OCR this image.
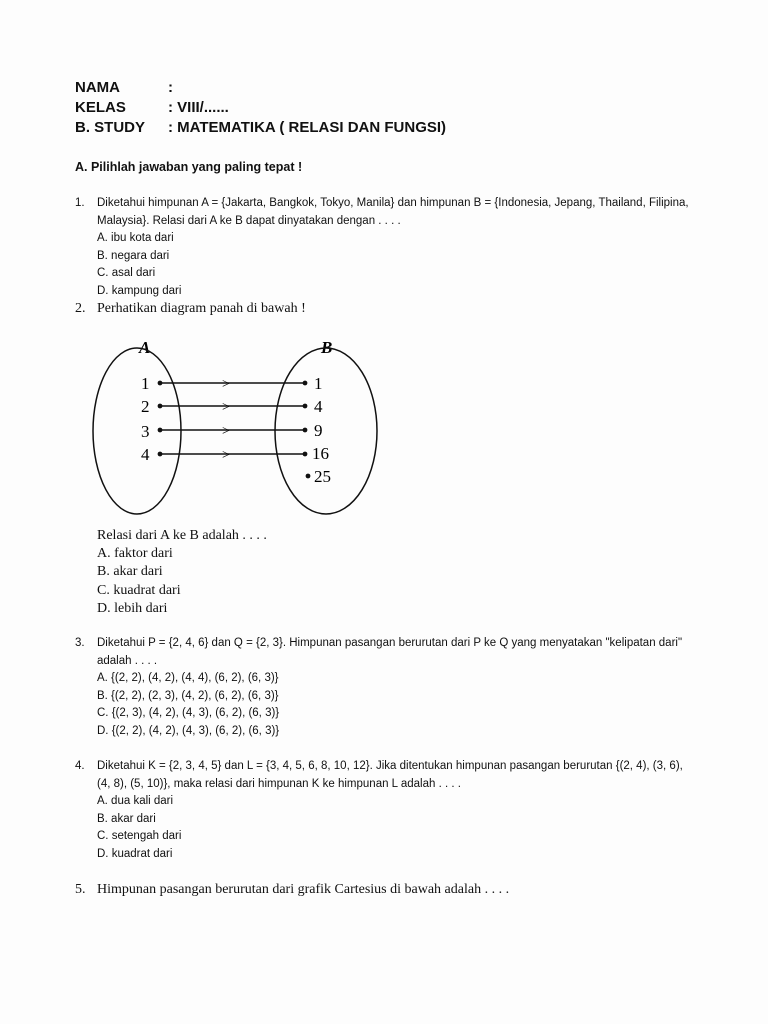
NAMA	:
KELAS	: VIII/......
B. STUDY	: MATEMATIKA ( RELASI DAN FUNGSI)
A. Pilihlah jawaban yang paling tepat !
1. Diketahui himpunan A = {Jakarta, Bangkok, Tokyo, Manila} dan himpunan B = {Indonesia, Jepang, Thailand, Filipina, Malaysia}. Relasi dari A ke B dapat dinyatakan dengan . . . .
A. ibu kota dari
B. negara dari
C. asal dari
D. kampung dari
2. Perhatikan diagram panah di bawah !
A	B
1
2
3
4
>
>
>
>
1
4
9
16
25
Relasi dari A ke B adalah . . . .
A. faktor dari
B. akar dari
C. kuadrat dari
D. lebih dari
3. Diketahui P = {2, 4, 6} dan Q = {2, 3}. Himpunan pasangan berurutan dari P ke Q yang menyatakan "kelipatan dari" adalah . . . .
A. {(2, 2), (4, 2), (4, 4), (6, 2), (6, 3)}
B. {(2, 2), (2, 3), (4, 2), (6, 2), (6, 3)}
C. {(2, 3), (4, 2), (4, 3), (6, 2), (6, 3)}
D. {(2, 2), (4, 2), (4, 3), (6, 2), (6, 3)}
4. Diketahui K = {2, 3, 4, 5} dan L = {3, 4, 5, 6, 8, 10, 12}. Jika ditentukan himpunan pasangan berurutan {(2, 4), (3, 6), (4, 8), (5, 10)}, maka relasi dari himpunan K ke himpunan L adalah . . . .
A. dua kali dari
B. akar dari
C. setengah dari
D. kuadrat dari
5. Himpunan pasangan berurutan dari grafik Cartesius di bawah adalah . . . .
